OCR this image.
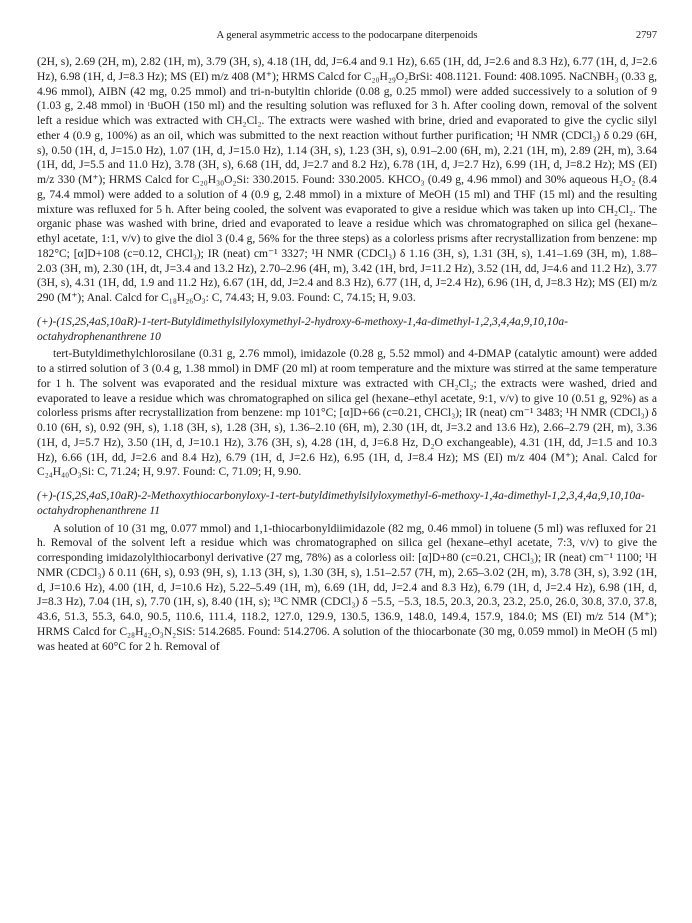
A general asymmetric access to the podocarpane diterpenoids	2797

(2H, s), 2.69 (2H, m), 2.82 (1H, m), 3.79 (3H, s), 4.18 (1H, dd, J=6.4 and 9.1 Hz), 6.65 (1H, dd, J=2.6 and 8.3 Hz), 6.77 (1H, d, J=2.6 Hz), 6.98 (1H, d, J=8.3 Hz); MS (EI) m/z 408 (M⁺); HRMS Calcd for C₂₀H₂₉O₂BrSi: 408.1121. Found: 408.1095. NaCNBH₃ (0.33 g, 4.96 mmol), AIBN (42 mg, 0.25 mmol) and tri-n-butyltin chloride (0.08 g, 0.25 mmol) were added successively to a solution of 9 (1.03 g, 2.48 mmol) in ᵗBuOH (150 ml) and the resulting solution was refluxed for 3 h. After cooling down, removal of the solvent left a residue which was extracted with CH₂Cl₂. The extracts were washed with brine, dried and evaporated to give the cyclic silyl ether 4 (0.9 g, 100%) as an oil, which was submitted to the next reaction without further purification; ¹H NMR (CDCl₃) δ 0.29 (6H, s), 0.50 (1H, d, J=15.0 Hz), 1.07 (1H, d, J=15.0 Hz), 1.14 (3H, s), 1.23 (3H, s), 0.91–2.00 (6H, m), 2.21 (1H, m), 2.89 (2H, m), 3.64 (1H, dd, J=5.5 and 11.0 Hz), 3.78 (3H, s), 6.68 (1H, dd, J=2.7 and 8.2 Hz), 6.78 (1H, d, J=2.7 Hz), 6.99 (1H, d, J=8.2 Hz); MS (EI) m/z 330 (M⁺); HRMS Calcd for C₂₀H₃₀O₂Si: 330.2015. Found: 330.2005. KHCO₃ (0.49 g, 4.96 mmol) and 30% aqueous H₂O₂ (8.4 g, 74.4 mmol) were added to a solution of 4 (0.9 g, 2.48 mmol) in a mixture of MeOH (15 ml) and THF (15 ml) and the resulting mixture was refluxed for 5 h. After being cooled, the solvent was evaporated to give a residue which was taken up into CH₂Cl₂. The organic phase was washed with brine, dried and evaporated to leave a residue which was chromatographed on silica gel (hexane–ethyl acetate, 1:1, v/v) to give the diol 3 (0.4 g, 56% for the three steps) as a colorless prisms after recrystallization from benzene: mp 182°C; [α]D+108 (c=0.12, CHCl₃); IR (neat) cm⁻¹ 3327; ¹H NMR (CDCl₃) δ 1.16 (3H, s), 1.31 (3H, s), 1.41–1.69 (3H, m), 1.88–2.03 (3H, m), 2.30 (1H, dt, J=3.4 and 13.2 Hz), 2.70–2.96 (4H, m), 3.42 (1H, brd, J=11.2 Hz), 3.52 (1H, dd, J=4.6 and 11.2 Hz), 3.77 (3H, s), 4.31 (1H, dd, 1.9 and 11.2 Hz), 6.67 (1H, dd, J=2.4 and 8.3 Hz), 6.77 (1H, d, J=2.4 Hz), 6.96 (1H, d, J=8.3 Hz); MS (EI) m/z 290 (M⁺); Anal. Calcd for C₁₈H₂₆O₃: C, 74.43; H, 9.03. Found: C, 74.15; H, 9.03.

(+)-(1S,2S,4aS,10aR)-1-tert-Butyldimethylsilyloxymethyl-2-hydroxy-6-methoxy-1,4a-dimethyl-1,2,3,4,4a,9,10,10a-octahydrophenanthrene 10

tert-Butyldimethylchlorosilane (0.31 g, 2.76 mmol), imidazole (0.28 g, 5.52 mmol) and 4-DMAP (catalytic amount) were added to a stirred solution of 3 (0.4 g, 1.38 mmol) in DMF (20 ml) at room temperature and the mixture was stirred at the same temperature for 1 h. The solvent was evaporated and the residual mixture was extracted with CH₂Cl₂; the extracts were washed, dried and evaporated to leave a residue which was chromatographed on silica gel (hexane–ethyl acetate, 9:1, v/v) to give 10 (0.51 g, 92%) as a colorless prisms after recrystallization from benzene: mp 101°C; [α]D+66 (c=0.21, CHCl₃); IR (neat) cm⁻¹ 3483; ¹H NMR (CDCl₃) δ 0.10 (6H, s), 0.92 (9H, s), 1.18 (3H, s), 1.28 (3H, s), 1.36–2.10 (6H, m), 2.30 (1H, dt, J=3.2 and 13.6 Hz), 2.66–2.79 (2H, m), 3.36 (1H, d, J=5.7 Hz), 3.50 (1H, d, J=10.1 Hz), 3.76 (3H, s), 4.28 (1H, d, J=6.8 Hz, D₂O exchangeable), 4.31 (1H, dd, J=1.5 and 10.3 Hz), 6.66 (1H, dd, J=2.6 and 8.4 Hz), 6.79 (1H, d, J=2.6 Hz), 6.95 (1H, d, J=8.4 Hz); MS (EI) m/z 404 (M⁺); Anal. Calcd for C₂₄H₄₀O₃Si: C, 71.24; H, 9.97. Found: C, 71.09; H, 9.90.

(+)-(1S,2S,4aS,10aR)-2-Methoxythiocarbonyloxy-1-tert-butyldimethylsilyloxymethyl-6-methoxy-1,4a-dimethyl-1,2,3,4,4a,9,10,10a-octahydrophenanthrene 11

A solution of 10 (31 mg, 0.077 mmol) and 1,1-thiocarbonyldiimidazole (82 mg, 0.46 mmol) in toluene (5 ml) was refluxed for 21 h. Removal of the solvent left a residue which was chromatographed on silica gel (hexane–ethyl acetate, 7:3, v/v) to give the corresponding imidazolylthiocarbonyl derivative (27 mg, 78%) as a colorless oil: [α]D+80 (c=0.21, CHCl₃); IR (neat) cm⁻¹ 1100; ¹H NMR (CDCl₃) δ 0.11 (6H, s), 0.93 (9H, s), 1.13 (3H, s), 1.30 (3H, s), 1.51–2.57 (7H, m), 2.65–3.02 (2H, m), 3.78 (3H, s), 3.92 (1H, d, J=10.6 Hz), 4.00 (1H, d, J=10.6 Hz), 5.22–5.49 (1H, m), 6.69 (1H, dd, J=2.4 and 8.3 Hz), 6.79 (1H, d, J=2.4 Hz), 6.98 (1H, d, J=8.3 Hz), 7.04 (1H, s), 7.70 (1H, s), 8.40 (1H, s); ¹³C NMR (CDCl₃) δ −5.5, −5.3, 18.5, 20.3, 20.3, 23.2, 25.0, 26.0, 30.8, 37.0, 37.8, 43.6, 51.3, 55.3, 64.0, 90.5, 110.6, 111.4, 118.2, 127.0, 129.9, 130.5, 136.9, 148.0, 149.4, 157.9, 184.0; MS (EI) m/z 514 (M⁺); HRMS Calcd for C₂₈H₄₂O₃N₂SiS: 514.2685. Found: 514.2706. A solution of the thiocarbonate (30 mg, 0.059 mmol) in MeOH (5 ml) was heated at 60°C for 2 h. Removal of
